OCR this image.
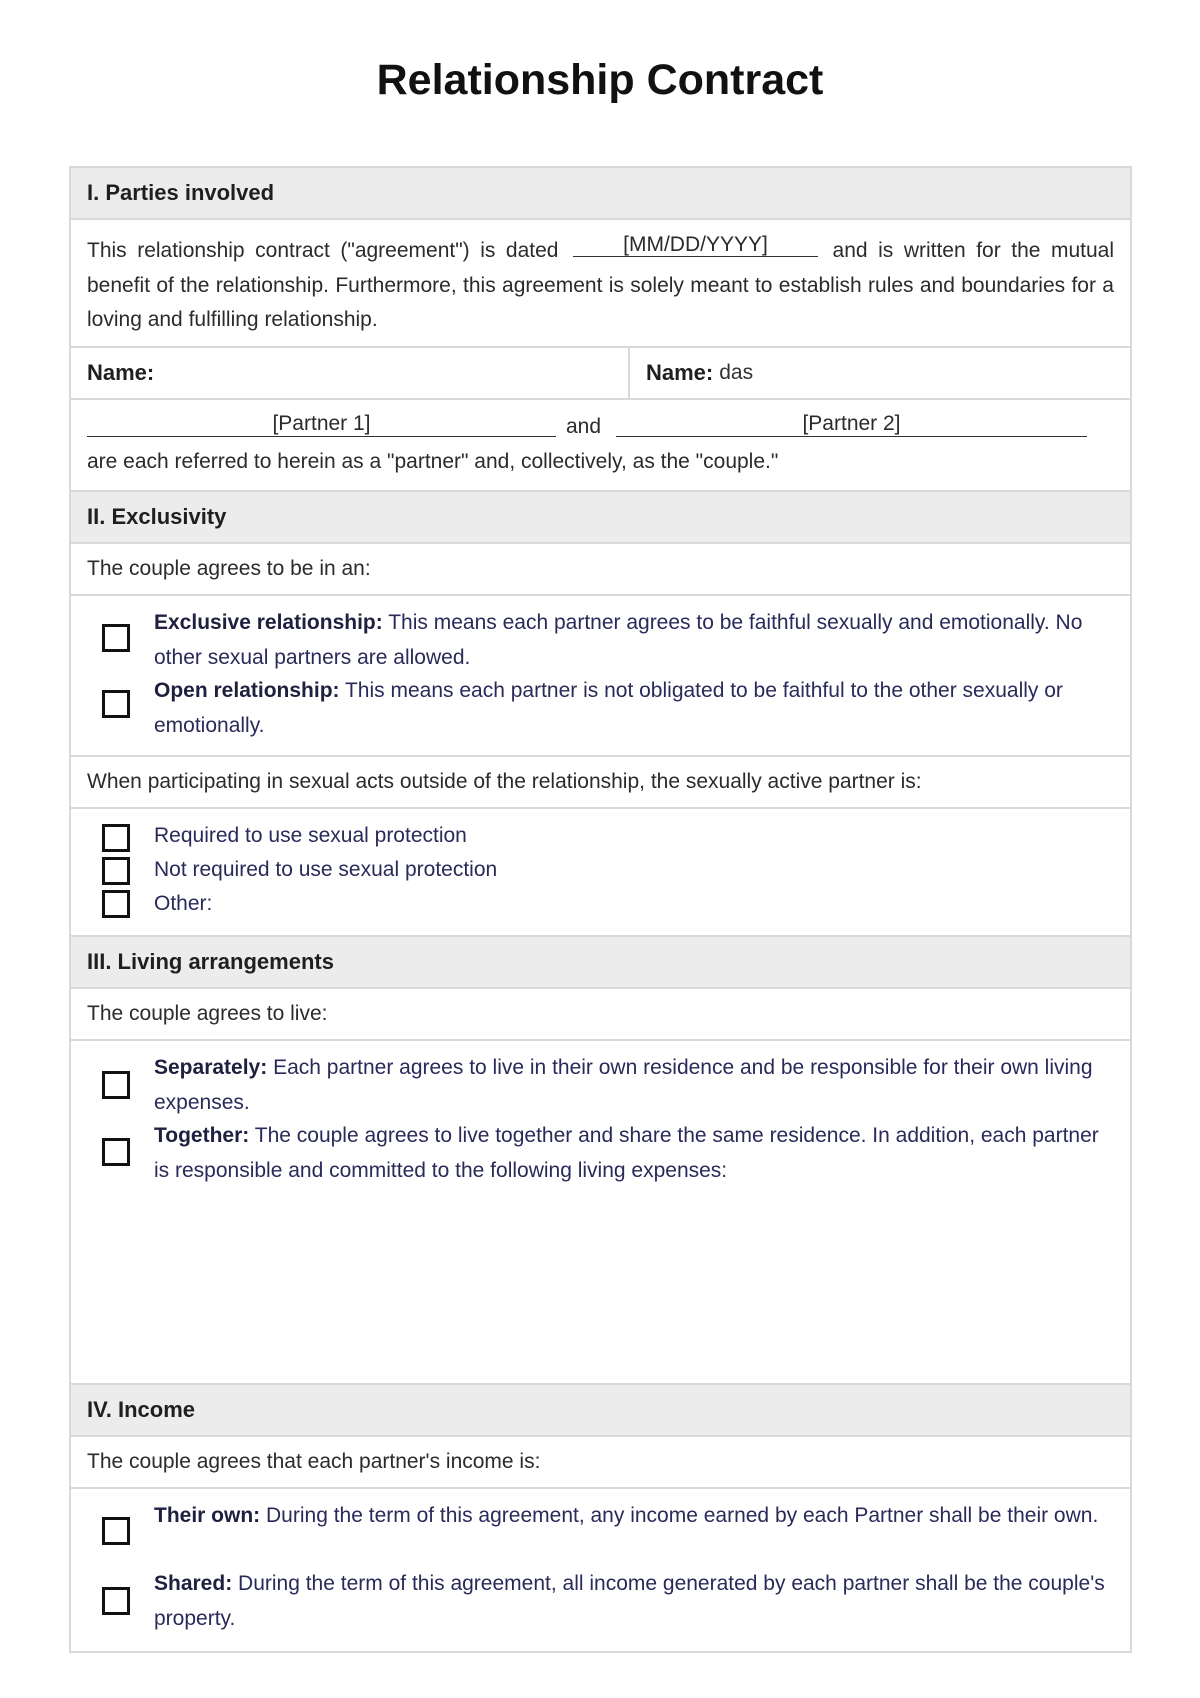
Relationship Contract
I. Parties involved
This relationship contract ("agreement") is dated	[MM/DD/YYYY]	and is written for the mutual benefit of the relationship. Furthermore, this agreement is solely meant to establish rules and boundaries for a loving and fulfilling relationship.
Name:	Name: das
[Partner 1]	and	[Partner 2]
are each referred to herein as a "partner" and, collectively, as the "couple."
II. Exclusivity
The couple agrees to be in an:
Exclusive relationship: This means each partner agrees to be faithful sexually and emotionally. No other sexual partners are allowed.
Open relationship: This means each partner is not obligated to be faithful to the other sexually or emotionally.
When participating in sexual acts outside of the relationship, the sexually active partner is:
Required to use sexual protection
Not required to use sexual protection
Other:
III. Living arrangements
The couple agrees to live:
Separately: Each partner agrees to live in their own residence and be responsible for their own living expenses.
Together: The couple agrees to live together and share the same residence. In addition, each partner is responsible and committed to the following living expenses:
IV. Income
The couple agrees that each partner's income is:
Their own: During the term of this agreement, any income earned by each Partner shall be their own.
Shared: During the term of this agreement, all income generated by each partner shall be the couple's property.
